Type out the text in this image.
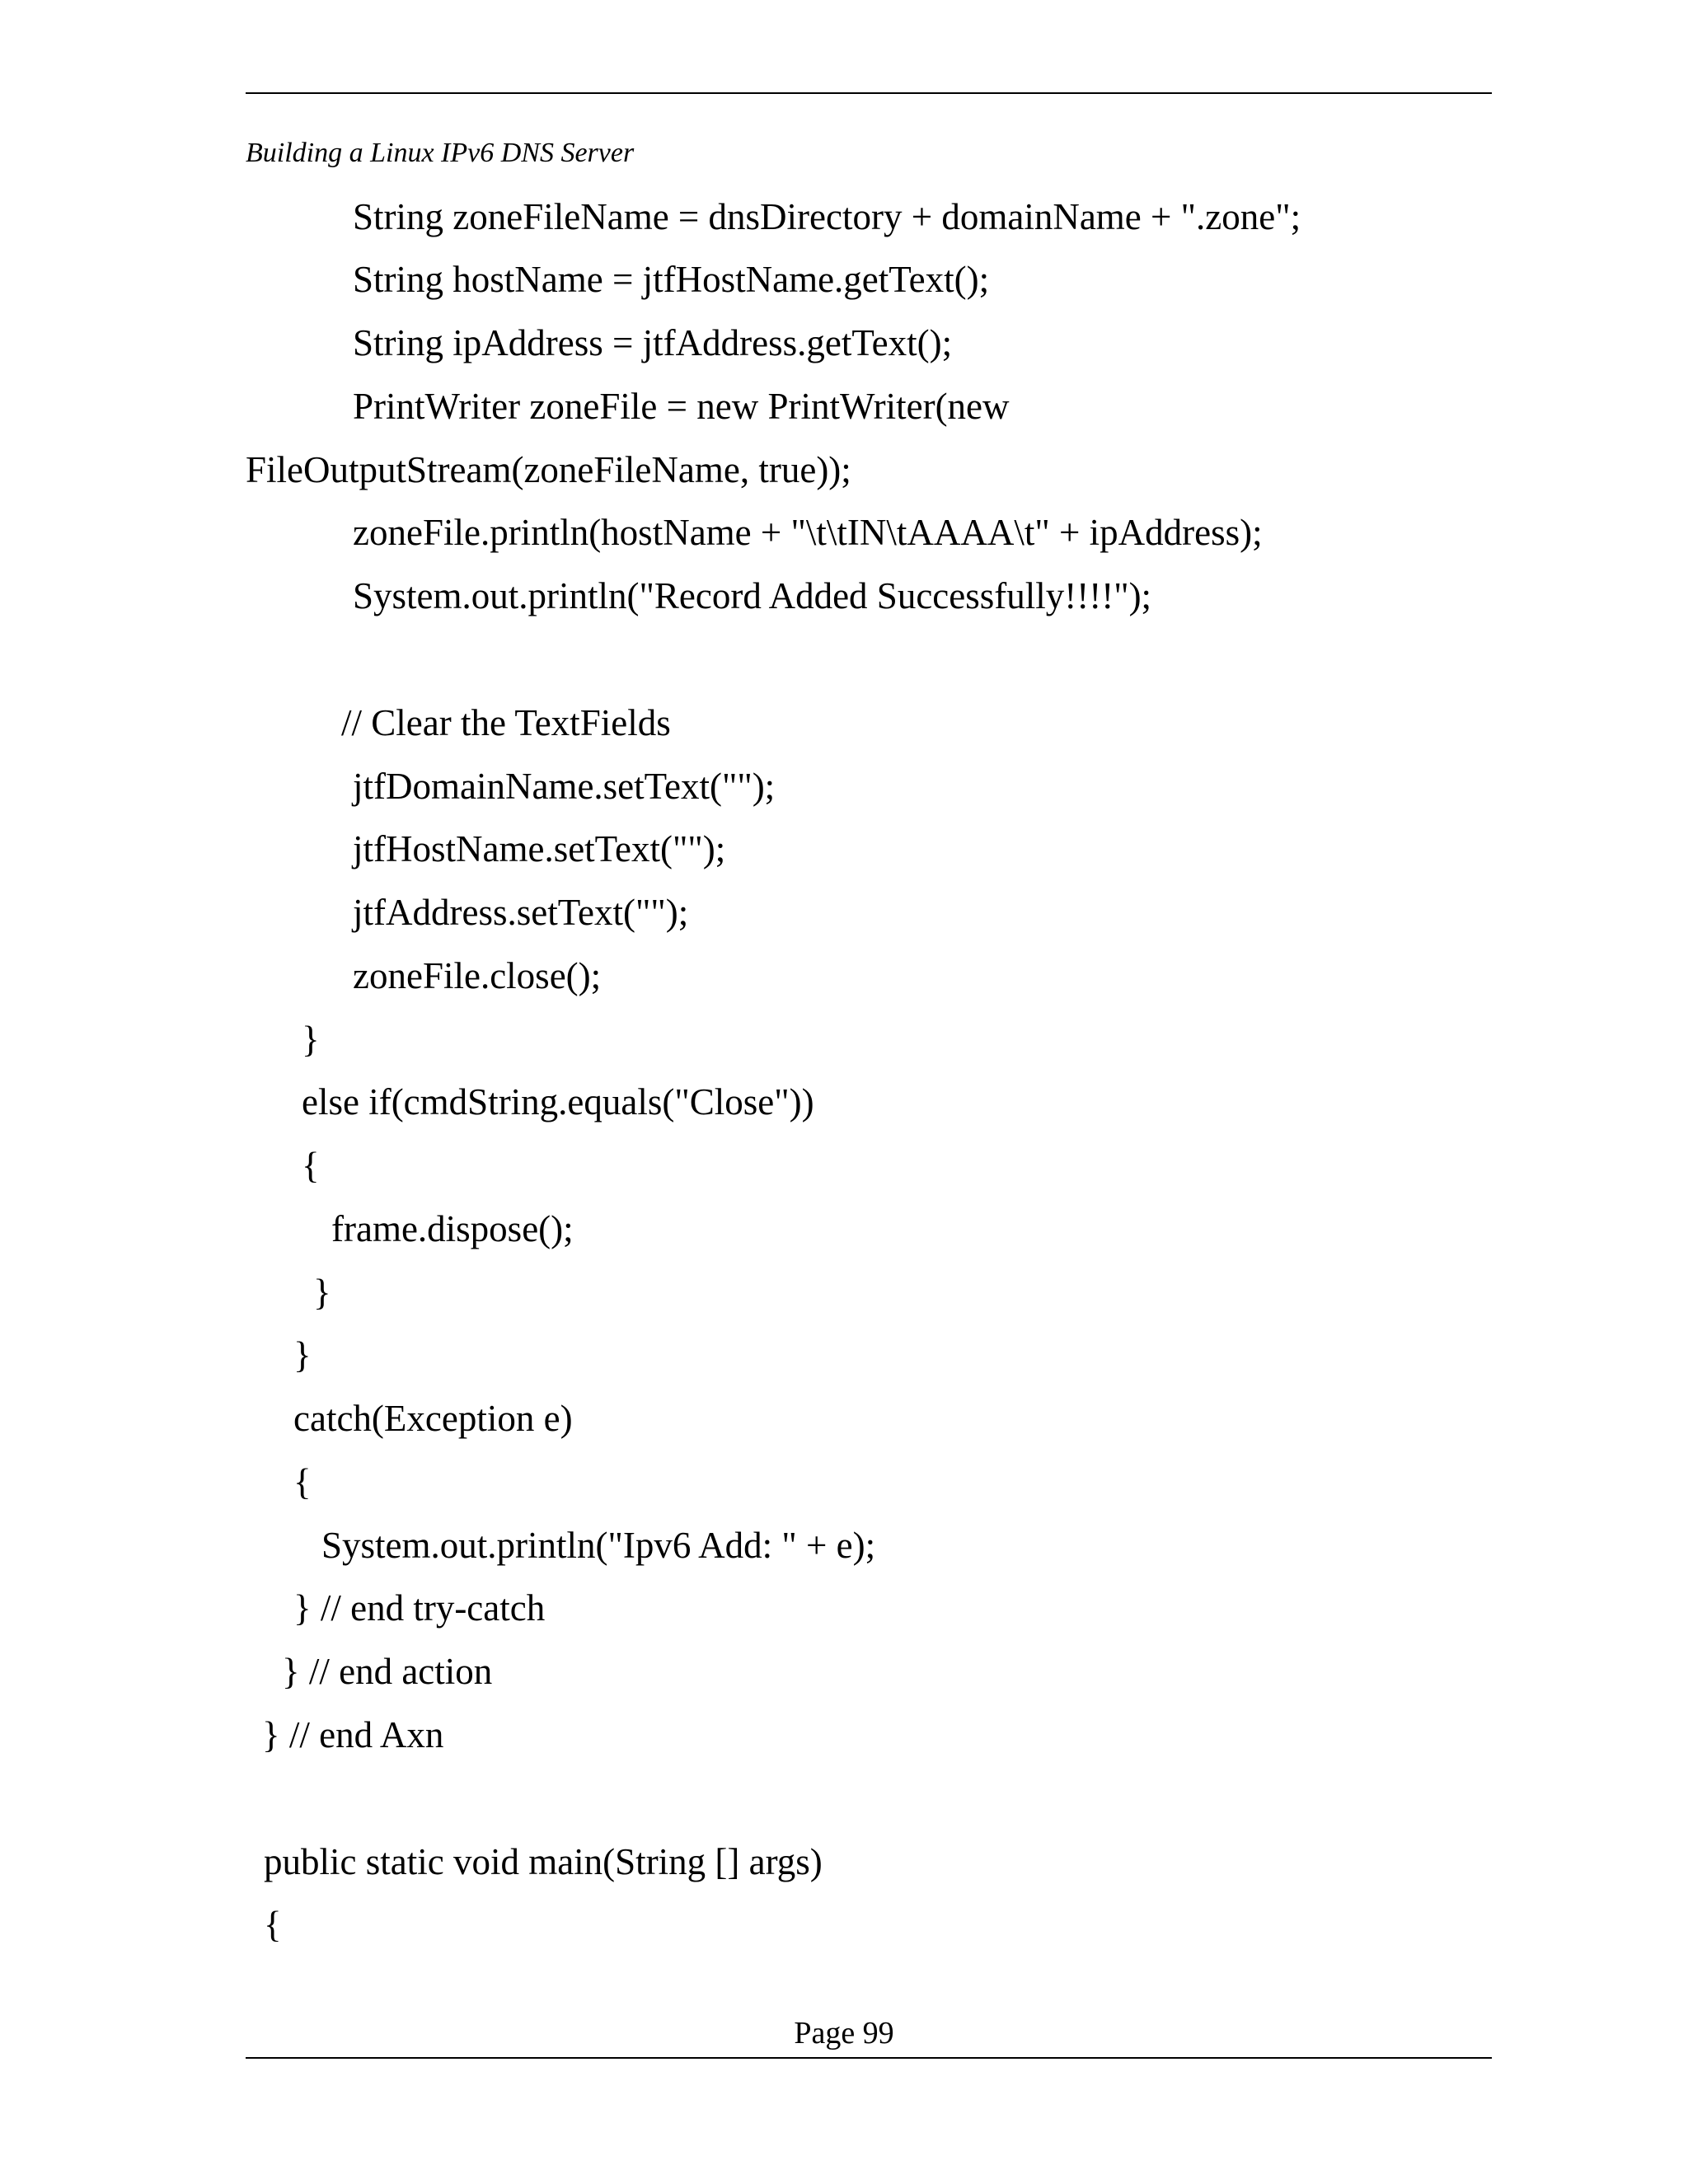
Building a Linux IPv6 DNS Server
String zoneFileName = dnsDirectory + domainName + ".zone";
String hostName = jtfHostName.getText();
String ipAddress = jtfAddress.getText();
PrintWriter zoneFile = new PrintWriter(new
FileOutputStream(zoneFileName, true));
zoneFile.println(hostName + "\t\tIN\tAAAA\t" + ipAddress);
System.out.println("Record Added Successfully!!!!");
// Clear the TextFields
jtfDomainName.setText("");
jtfHostName.setText("");
jtfAddress.setText("");
zoneFile.close();
}
else if(cmdString.equals("Close"))
{
frame.dispose();
}
}
catch(Exception e)
{
System.out.println("Ipv6 Add: " + e);
} // end try-catch
} // end action
} // end Axn
public static void main(String [] args)
{
Page 99
